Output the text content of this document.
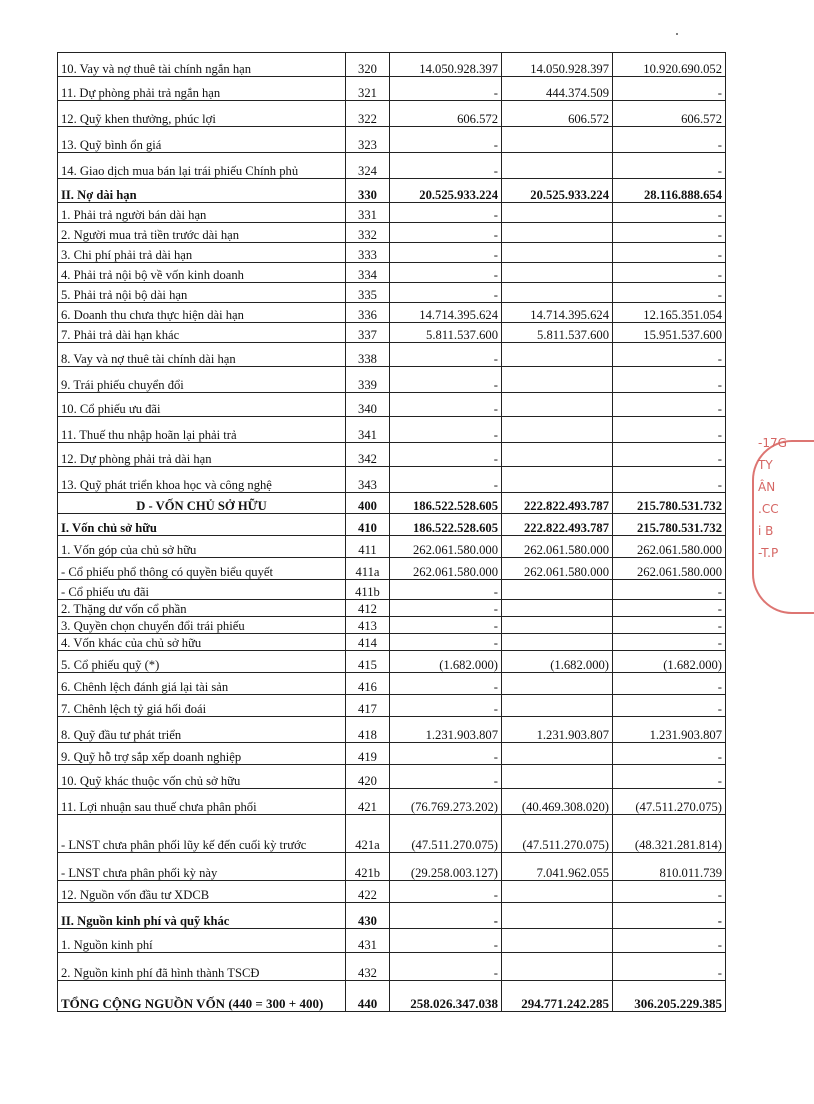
10. Vay và nợ thuê tài chính ngắn hạn	320	14.050.928.397	14.050.928.397	10.920.690.052
11. Dự phòng phải trả ngắn hạn	321	-	444.374.509	-
12. Quỹ khen thưởng, phúc lợi	322	606.572	606.572	606.572
13. Quỹ bình ổn giá	323	-		-
14. Giao dịch mua bán lại trái phiếu Chính phủ	324	-		-
II. Nợ dài hạn	330	20.525.933.224	20.525.933.224	28.116.888.654
1. Phải trả người bán dài hạn	331	-		-
2. Người mua trả tiền trước dài hạn	332	-		-
3. Chi phí phải trả dài hạn	333	-		-
4. Phải trả nội bộ về vốn kinh doanh	334	-		-
5. Phải trả nội bộ dài hạn	335	-		-
6. Doanh thu chưa thực hiện dài hạn	336	14.714.395.624	14.714.395.624	12.165.351.054
7. Phải trả dài hạn khác	337	5.811.537.600	5.811.537.600	15.951.537.600
8. Vay và nợ thuê tài chính dài hạn	338	-		-
9. Trái phiếu chuyển đổi	339	-		-
10. Cổ phiếu ưu đãi	340	-		-
11. Thuế thu nhập hoãn lại phải trả	341	-		-
12. Dự phòng phải trả dài hạn	342	-		-
13. Quỹ phát triển khoa học và công nghệ	343	-		-
D - VỐN CHỦ SỞ HỮU	400	186.522.528.605	222.822.493.787	215.780.531.732
I. Vốn chủ sở hữu	410	186.522.528.605	222.822.493.787	215.780.531.732
1. Vốn góp của chủ sở hữu	411	262.061.580.000	262.061.580.000	262.061.580.000
- Cổ phiếu phổ thông có quyền biểu quyết	411a	262.061.580.000	262.061.580.000	262.061.580.000
- Cổ phiếu ưu đãi	411b	-		-
2. Thặng dư vốn cổ phần	412	-		-
3. Quyền chọn chuyển đổi trái phiếu	413	-		-
4. Vốn khác của chủ sở hữu	414	-		-
5. Cổ phiếu quỹ (*)	415	(1.682.000)	(1.682.000)	(1.682.000)
6. Chênh lệch đánh giá lại tài sản	416	-		-
7. Chênh lệch tỷ giá hối đoái	417	-		-
8. Quỹ đầu tư phát triển	418	1.231.903.807	1.231.903.807	1.231.903.807
9. Quỹ hỗ trợ sắp xếp doanh nghiệp	419	-		-
10. Quỹ khác thuộc vốn chủ sở hữu	420	-		-
11. Lợi nhuận sau thuế chưa phân phối	421	(76.769.273.202)	(40.469.308.020)	(47.511.270.075)
- LNST chưa phân phối lũy kế đến cuối kỳ trước	421a	(47.511.270.075)	(47.511.270.075)	(48.321.281.814)
- LNST chưa phân phối kỳ này	421b	(29.258.003.127)	7.041.962.055	810.011.739
12. Nguồn vốn đầu tư XDCB	422	-		-
II. Nguồn kinh phí và quỹ khác	430	-		-
1. Nguồn kinh phí	431	-		-
2. Nguồn kinh phí đã hình thành TSCĐ	432	-		-
TỔNG CỘNG NGUỒN VỐN (440 = 300 + 400)	440	258.026.347.038	294.771.242.285	306.205.229.385
-17G
TY
ÂN
.CC
i B
-T.P
